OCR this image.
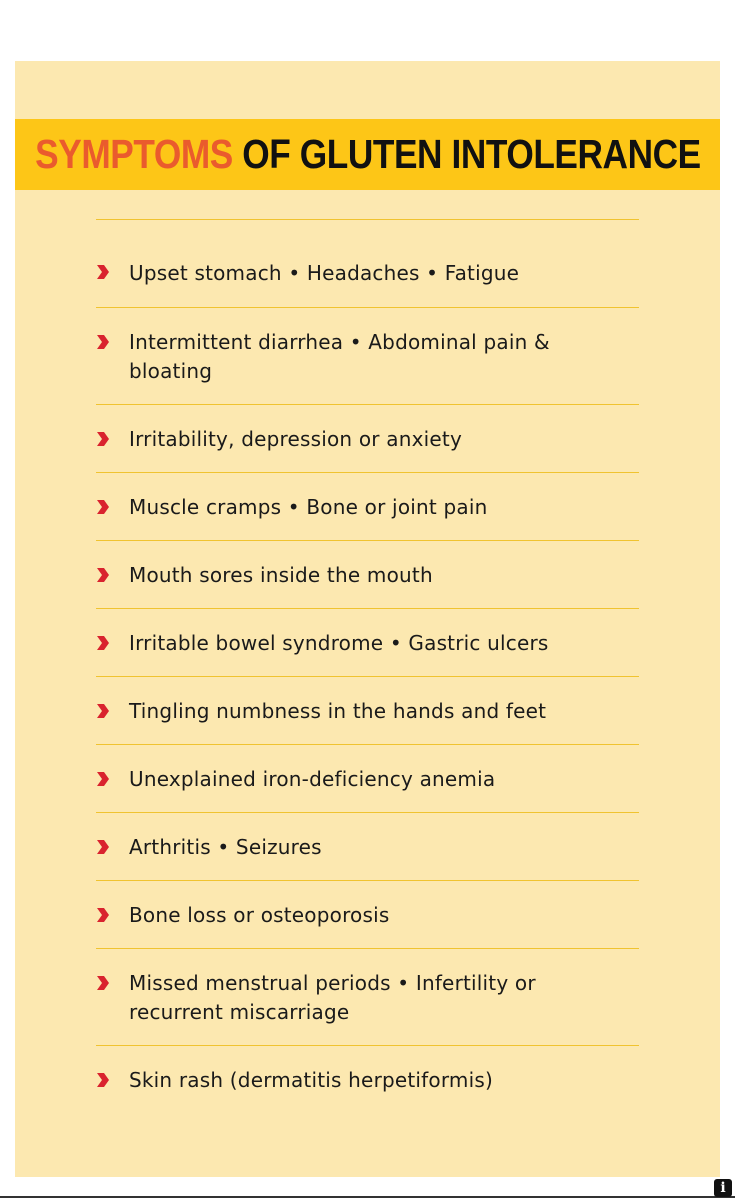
SYMPTOMS OF GLUTEN INTOLERANCE
Upset stomach • Headaches • Fatigue
Intermittent diarrhea • Abdominal pain & bloating
Irritability, depression or anxiety
Muscle cramps • Bone or joint pain
Mouth sores inside the mouth
Irritable bowel syndrome • Gastric ulcers
Tingling numbness in the hands and feet
Unexplained iron-deficiency anemia
Arthritis • Seizures
Bone loss or osteoporosis
Missed menstrual periods • Infertility or recurrent miscarriage
Skin rash (dermatitis herpetiformis)
i
